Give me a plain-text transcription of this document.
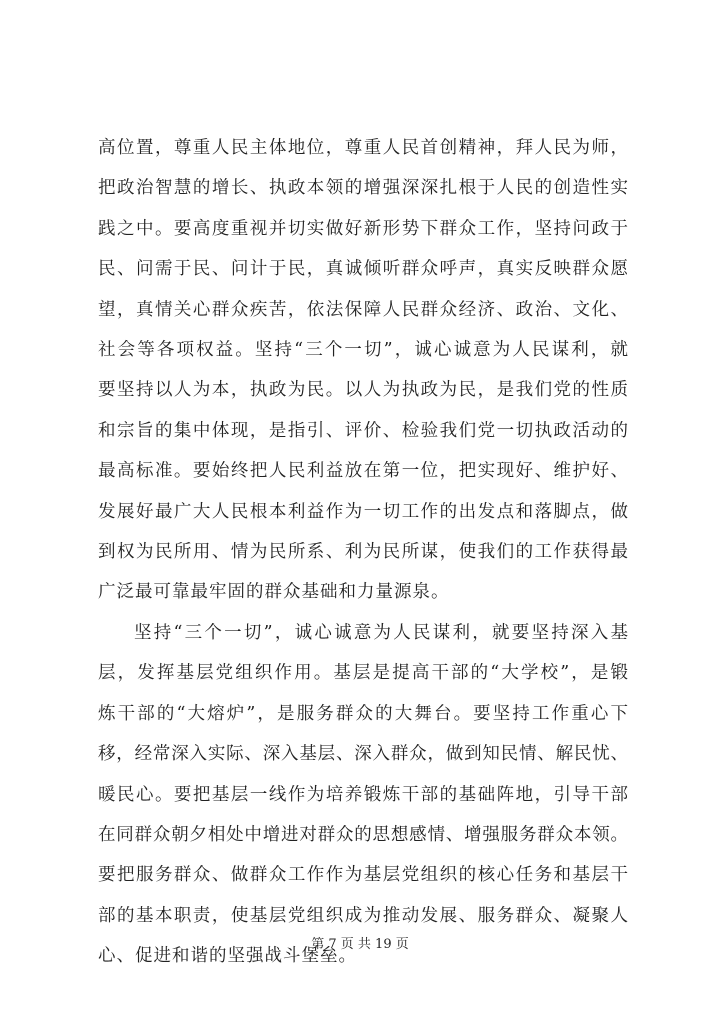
高位置，尊重人民主体地位，尊重人民首创精神，拜人民为师，
把政治智慧的增长、执政本领的增强深深扎根于人民的创造性实
践之中。要高度重视并切实做好新形势下群众工作，坚持问政于
民、问需于民、问计于民，真诚倾听群众呼声，真实反映群众愿
望，真情关心群众疾苦，依法保障人民群众经济、政治、文化、
社会等各项权益。坚持“三个一切”，诚心诚意为人民谋利，就
要坚持以人为本，执政为民。以人为执政为民，是我们党的性质
和宗旨的集中体现，是指引、评价、检验我们党一切执政活动的
最高标准。要始终把人民利益放在第一位，把实现好、维护好、
发展好最广大人民根本利益作为一切工作的出发点和落脚点，做
到权为民所用、情为民所系、利为民所谋，使我们的工作获得最
广泛最可靠最牢固的群众基础和力量源泉。
坚持“三个一切”，诚心诚意为人民谋利，就要坚持深入基
层，发挥基层党组织作用。基层是提高干部的“大学校”，是锻
炼干部的“大熔炉”，是服务群众的大舞台。要坚持工作重心下
移，经常深入实际、深入基层、深入群众，做到知民情、解民忧、
暖民心。要把基层一线作为培养锻炼干部的基础阵地，引导干部
在同群众朝夕相处中增进对群众的思想感情、增强服务群众本领。
要把服务群众、做群众工作作为基层党组织的核心任务和基层干
部的基本职责，使基层党组织成为推动发展、服务群众、凝聚人
心、促进和谐的坚强战斗堡垒。
第 7 页 共 19 页
